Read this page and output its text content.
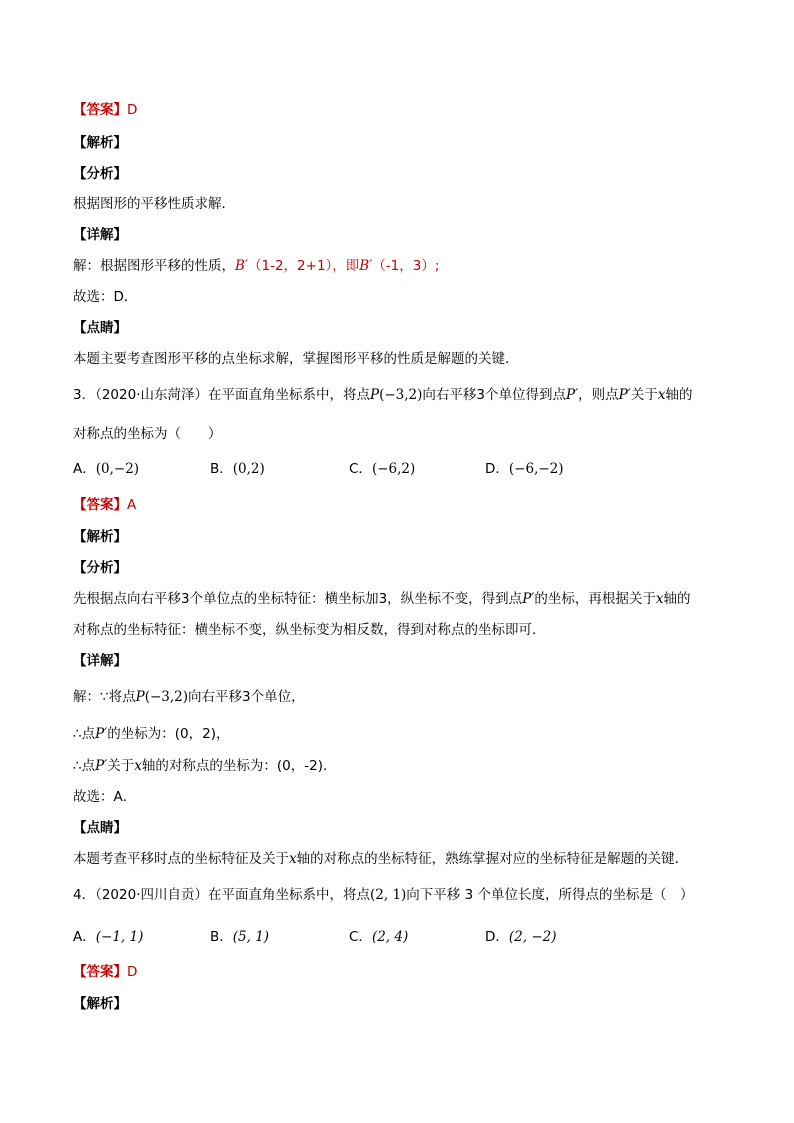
【答案】D
【解析】
【分析】
根据图形的平移性质求解．
【详解】
解：根据图形平移的性质，B′（1-2，2+1），即B′（-1，3）;
故选：D．
【点睛】
本题主要考查图形平移的点坐标求解，掌握图形平移的性质是解题的关键．
3．（2020·山东菏泽）在平面直角坐标系中，将点P(−3,2)向右平移3个单位得到点P′，则点P′关于x轴的
对称点的坐标为（　　）
A．(0,−2)	B．(0,2)	C．(−6,2)	D．(−6,−2)
【答案】A
【解析】
【分析】
先根据点向右平移3个单位点的坐标特征：横坐标加3，纵坐标不变，得到点P′的坐标，再根据关于x轴的
对称点的坐标特征：横坐标不变，纵坐标变为相反数，得到对称点的坐标即可．
【详解】
解：∵将点P(−3,2)向右平移3个单位，
∴点P′的坐标为：(0，2)，
∴点P′关于x轴的对称点的坐标为：(0，-2)．
故选：A．
【点睛】
本题考查平移时点的坐标特征及关于x轴的对称点的坐标特征，熟练掌握对应的坐标特征是解题的关键．
4．（2020·四川自贡）在平面直角坐标系中，将点(2, 1)向下平移 3 个单位长度，所得点的坐标是（　）
A．(−1, 1)	B．(5, 1)	C．(2, 4)	D．(2, −2)
【答案】D
【解析】
